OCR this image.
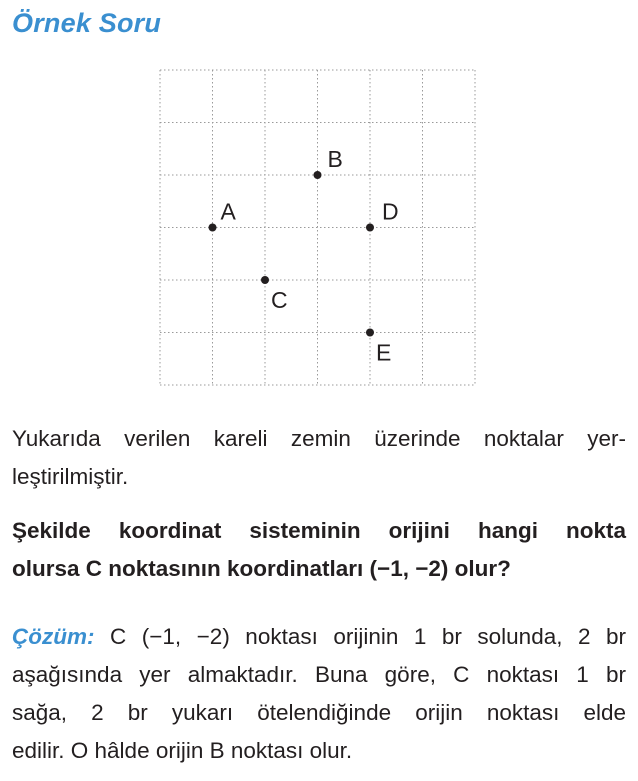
Örnek Soru
A
B
C
D
E
Yukarıda verilen kareli zemin üzerinde noktalar yer-
leştirilmiştir.
Şekilde koordinat sisteminin orijini hangi nokta
olursa C noktasının koordinatları (−1, −2) olur?
Çözüm: C (−1, −2) noktası orijinin 1 br solunda, 2 br
aşağısında yer almaktadır. Buna göre, C noktası 1 br
sağa, 2 br yukarı ötelendiğinde orijin noktası elde
edilir. O hâlde orijin B noktası olur.
